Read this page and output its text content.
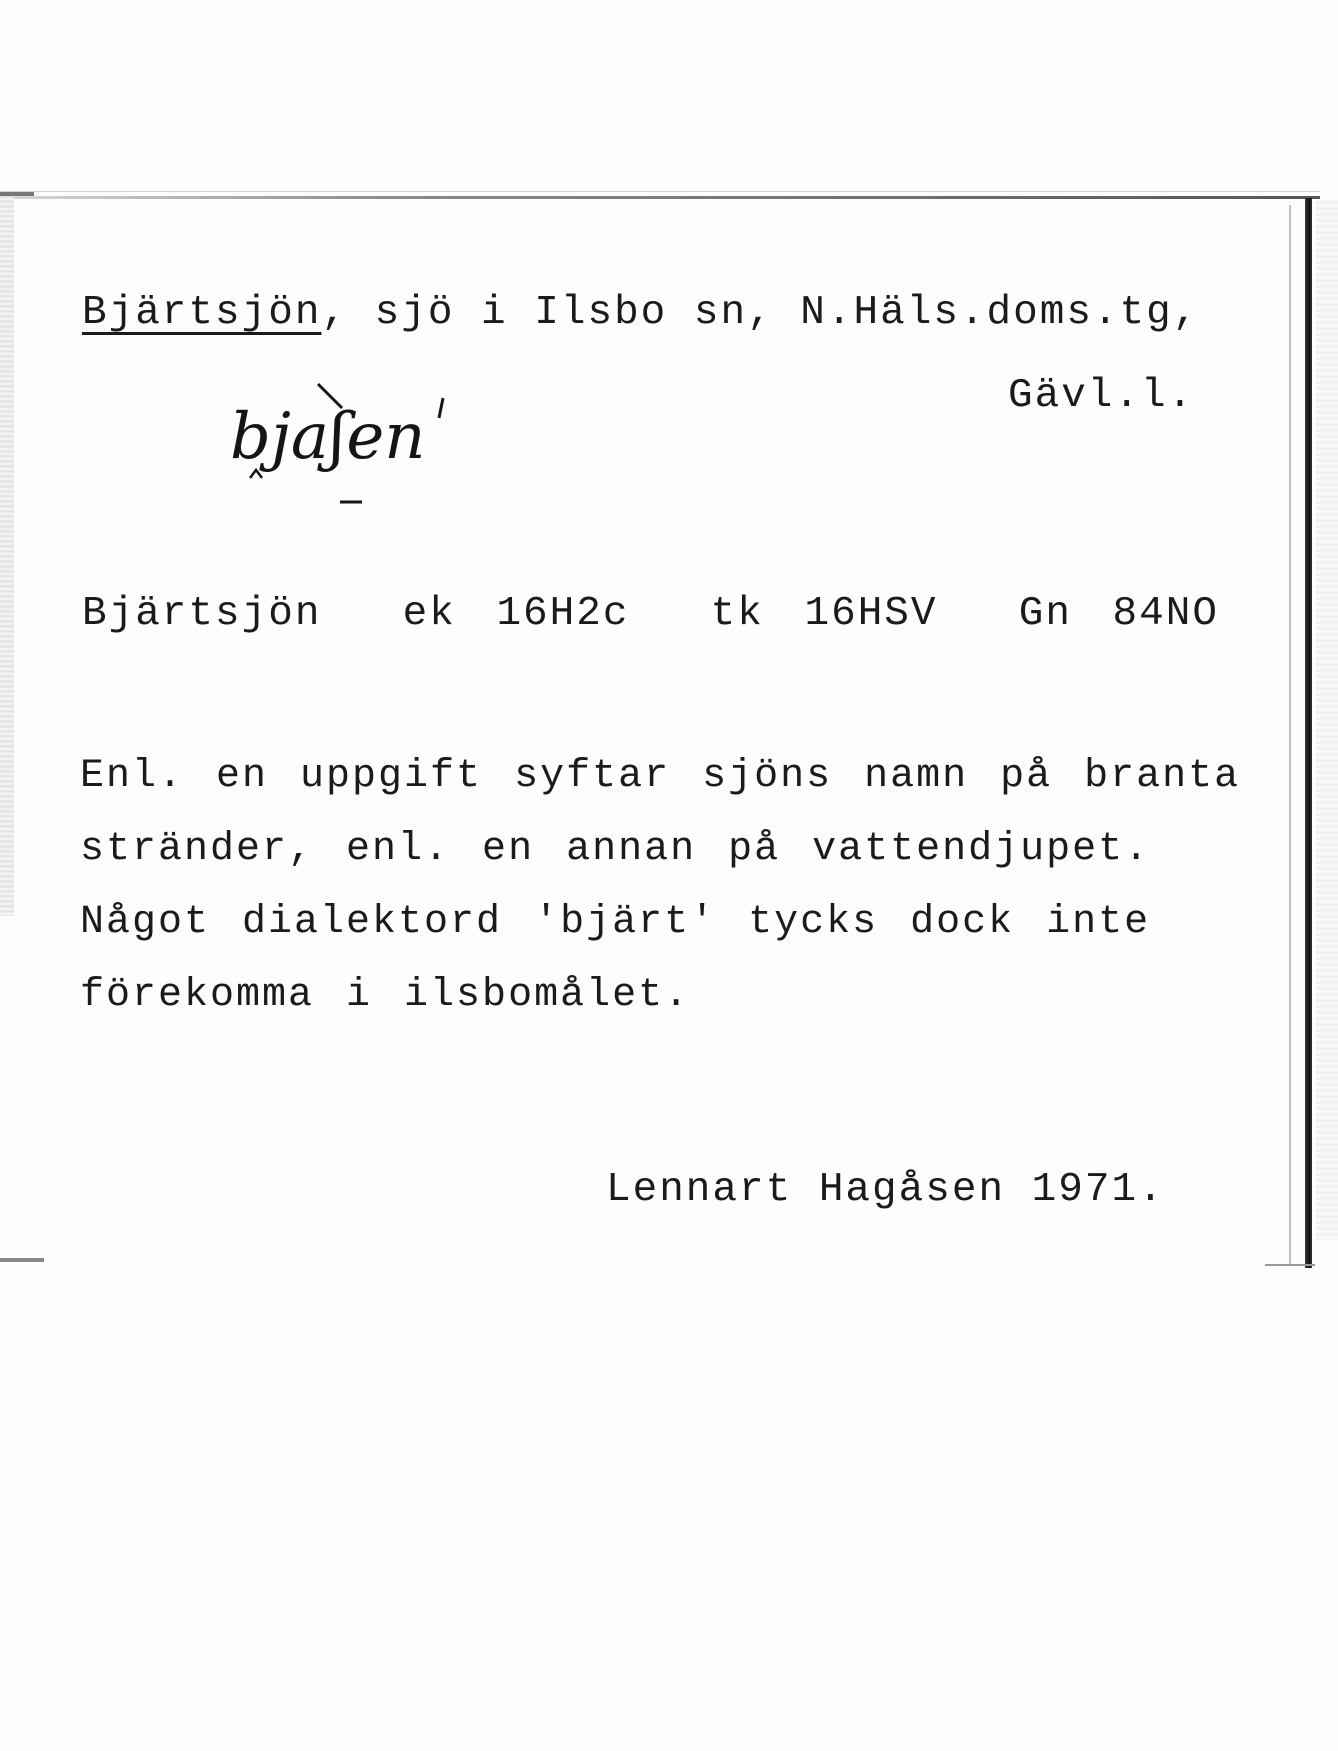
Bjärtsjön, sjö i Ilsbo sn, N.Häls.doms.tg,
Gävl.l.
bjaʃen
Bjärtsjön  ek 16H2c  tk 16HSV  Gn 84NO
Enl. en uppgift syftar sjöns namn på branta
stränder, enl. en annan på vattendjupet.
Något dialektord 'bjärt' tycks dock inte
förekomma i ilsbomålet.
Lennart Hagåsen 1971.
